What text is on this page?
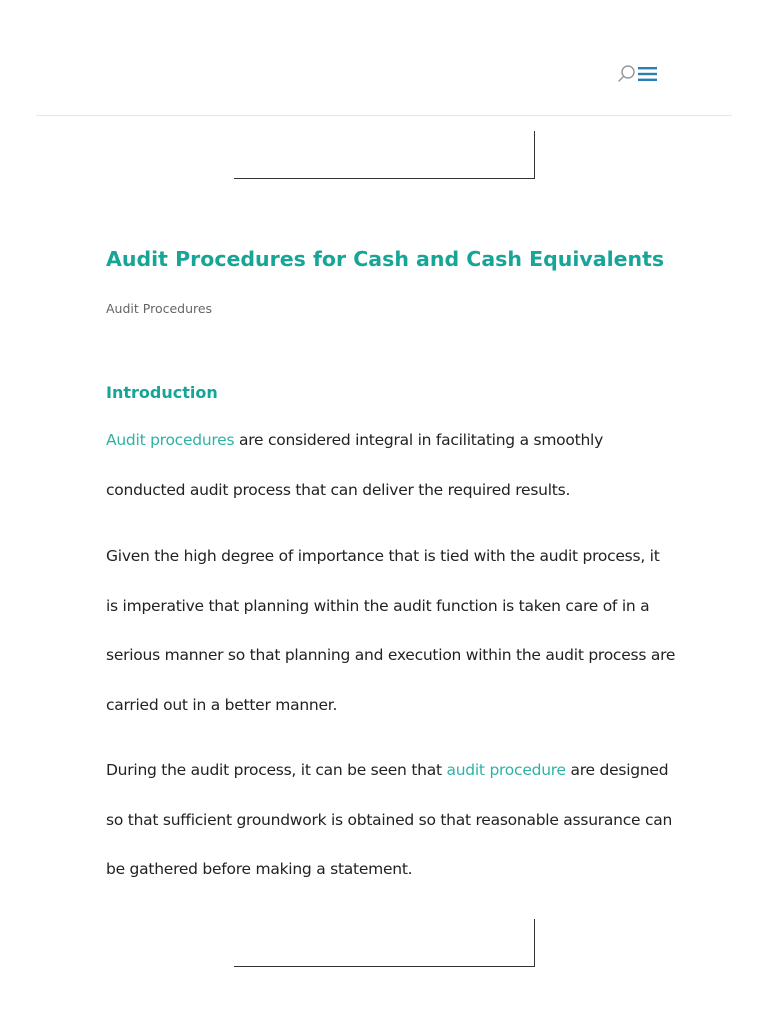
Audit Procedures for Cash and Cash Equivalents
Audit Procedures
Introduction

Audit procedures are considered integral in facilitating a smoothly conducted audit process that can deliver the required results.

Given the high degree of importance that is tied with the audit process, it is imperative that planning within the audit function is taken care of in a serious manner so that planning and execution within the audit process are carried out in a better manner.

During the audit process, it can be seen that audit procedure are designed so that sufficient groundwork is obtained so that reasonable assurance can be gathered before making a statement.
